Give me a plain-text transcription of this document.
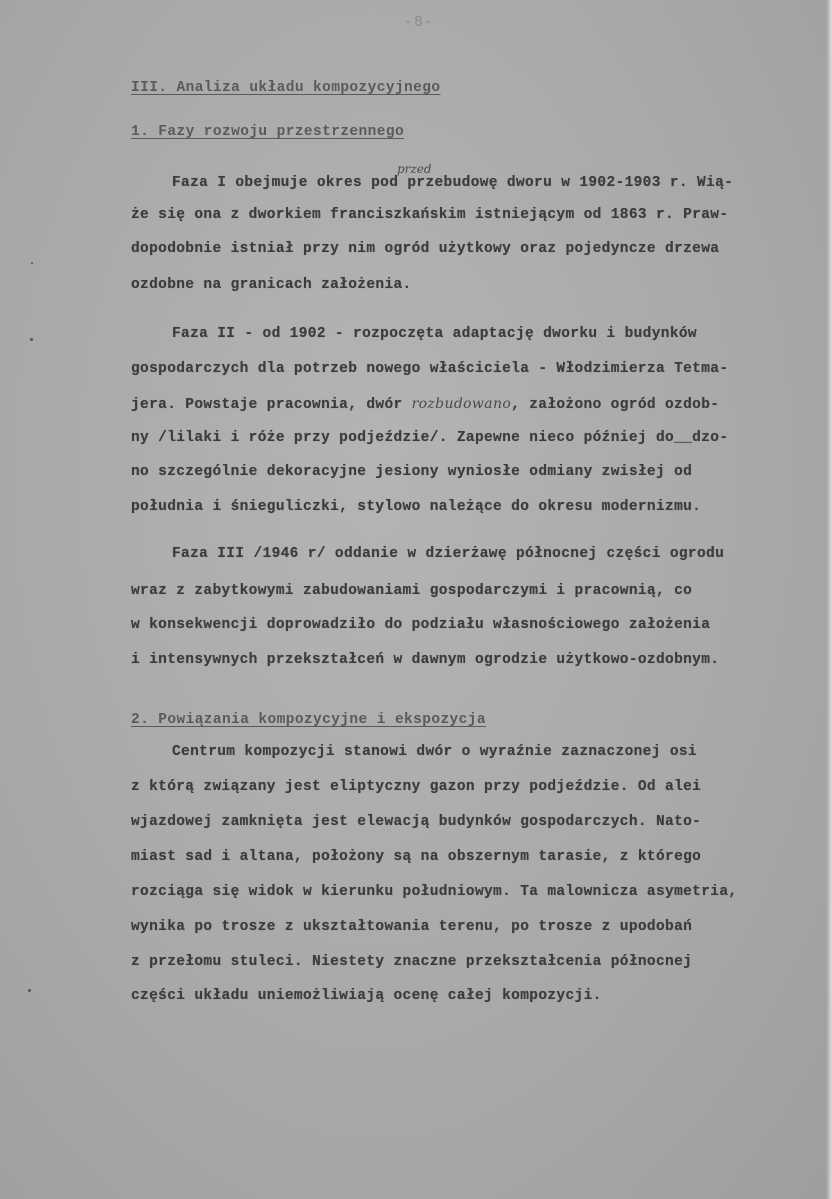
-8-
III. Analiza układu kompozycyjnego
1. Fazy rozwoju przestrzennego
przed
Faza I obejmuje okres pod przebudowę dworu w 1902-1903 r. Wią-
że się ona z dworkiem franciszkańskim istniejącym od 1863 r. Praw-
dopodobnie istniał przy nim ogród użytkowy oraz pojedyncze drzewa
ozdobne na granicach założenia.
Faza II - od 1902 - rozpoczęta adaptację dworku i budynków
gospodarczych dla potrzeb nowego właściciela - Włodzimierza Tetma-
jera. Powstaje pracownia, dwór rozbudowano, założono ogród ozdob-
ny /lilaki i róże przy podjeździe/. Zapewne nieco później do__dzo-
no szczególnie dekoracyjne jesiony wyniosłe odmiany zwisłej od
południa i śnieguliczki, stylowo należące do okresu modernizmu.
Faza III /1946 r/ oddanie w dzierżawę północnej części ogrodu
wraz z zabytkowymi zabudowaniami gospodarczymi i pracownią, co
w konsekwencji doprowadziło do podziału własnościowego założenia
i intensywnych przekształceń w dawnym ogrodzie użytkowo-ozdobnym.
2. Powiązania kompozycyjne i ekspozycja
Centrum kompozycji stanowi dwór o wyraźnie zaznaczonej osi
z którą związany jest eliptyczny gazon przy podjeździe. Od alei
wjazdowej zamknięta jest elewacją budynków gospodarczych. Nato-
miast sad i altana, położony są na obszernym tarasie, z którego
rozciąga się widok w kierunku południowym. Ta malownicza asymetria,
wynika po trosze z ukształtowania terenu, po trosze z upodobań
z przełomu stuleci. Niestety znaczne przekształcenia północnej
części układu uniemożliwiają ocenę całej kompozycji.
